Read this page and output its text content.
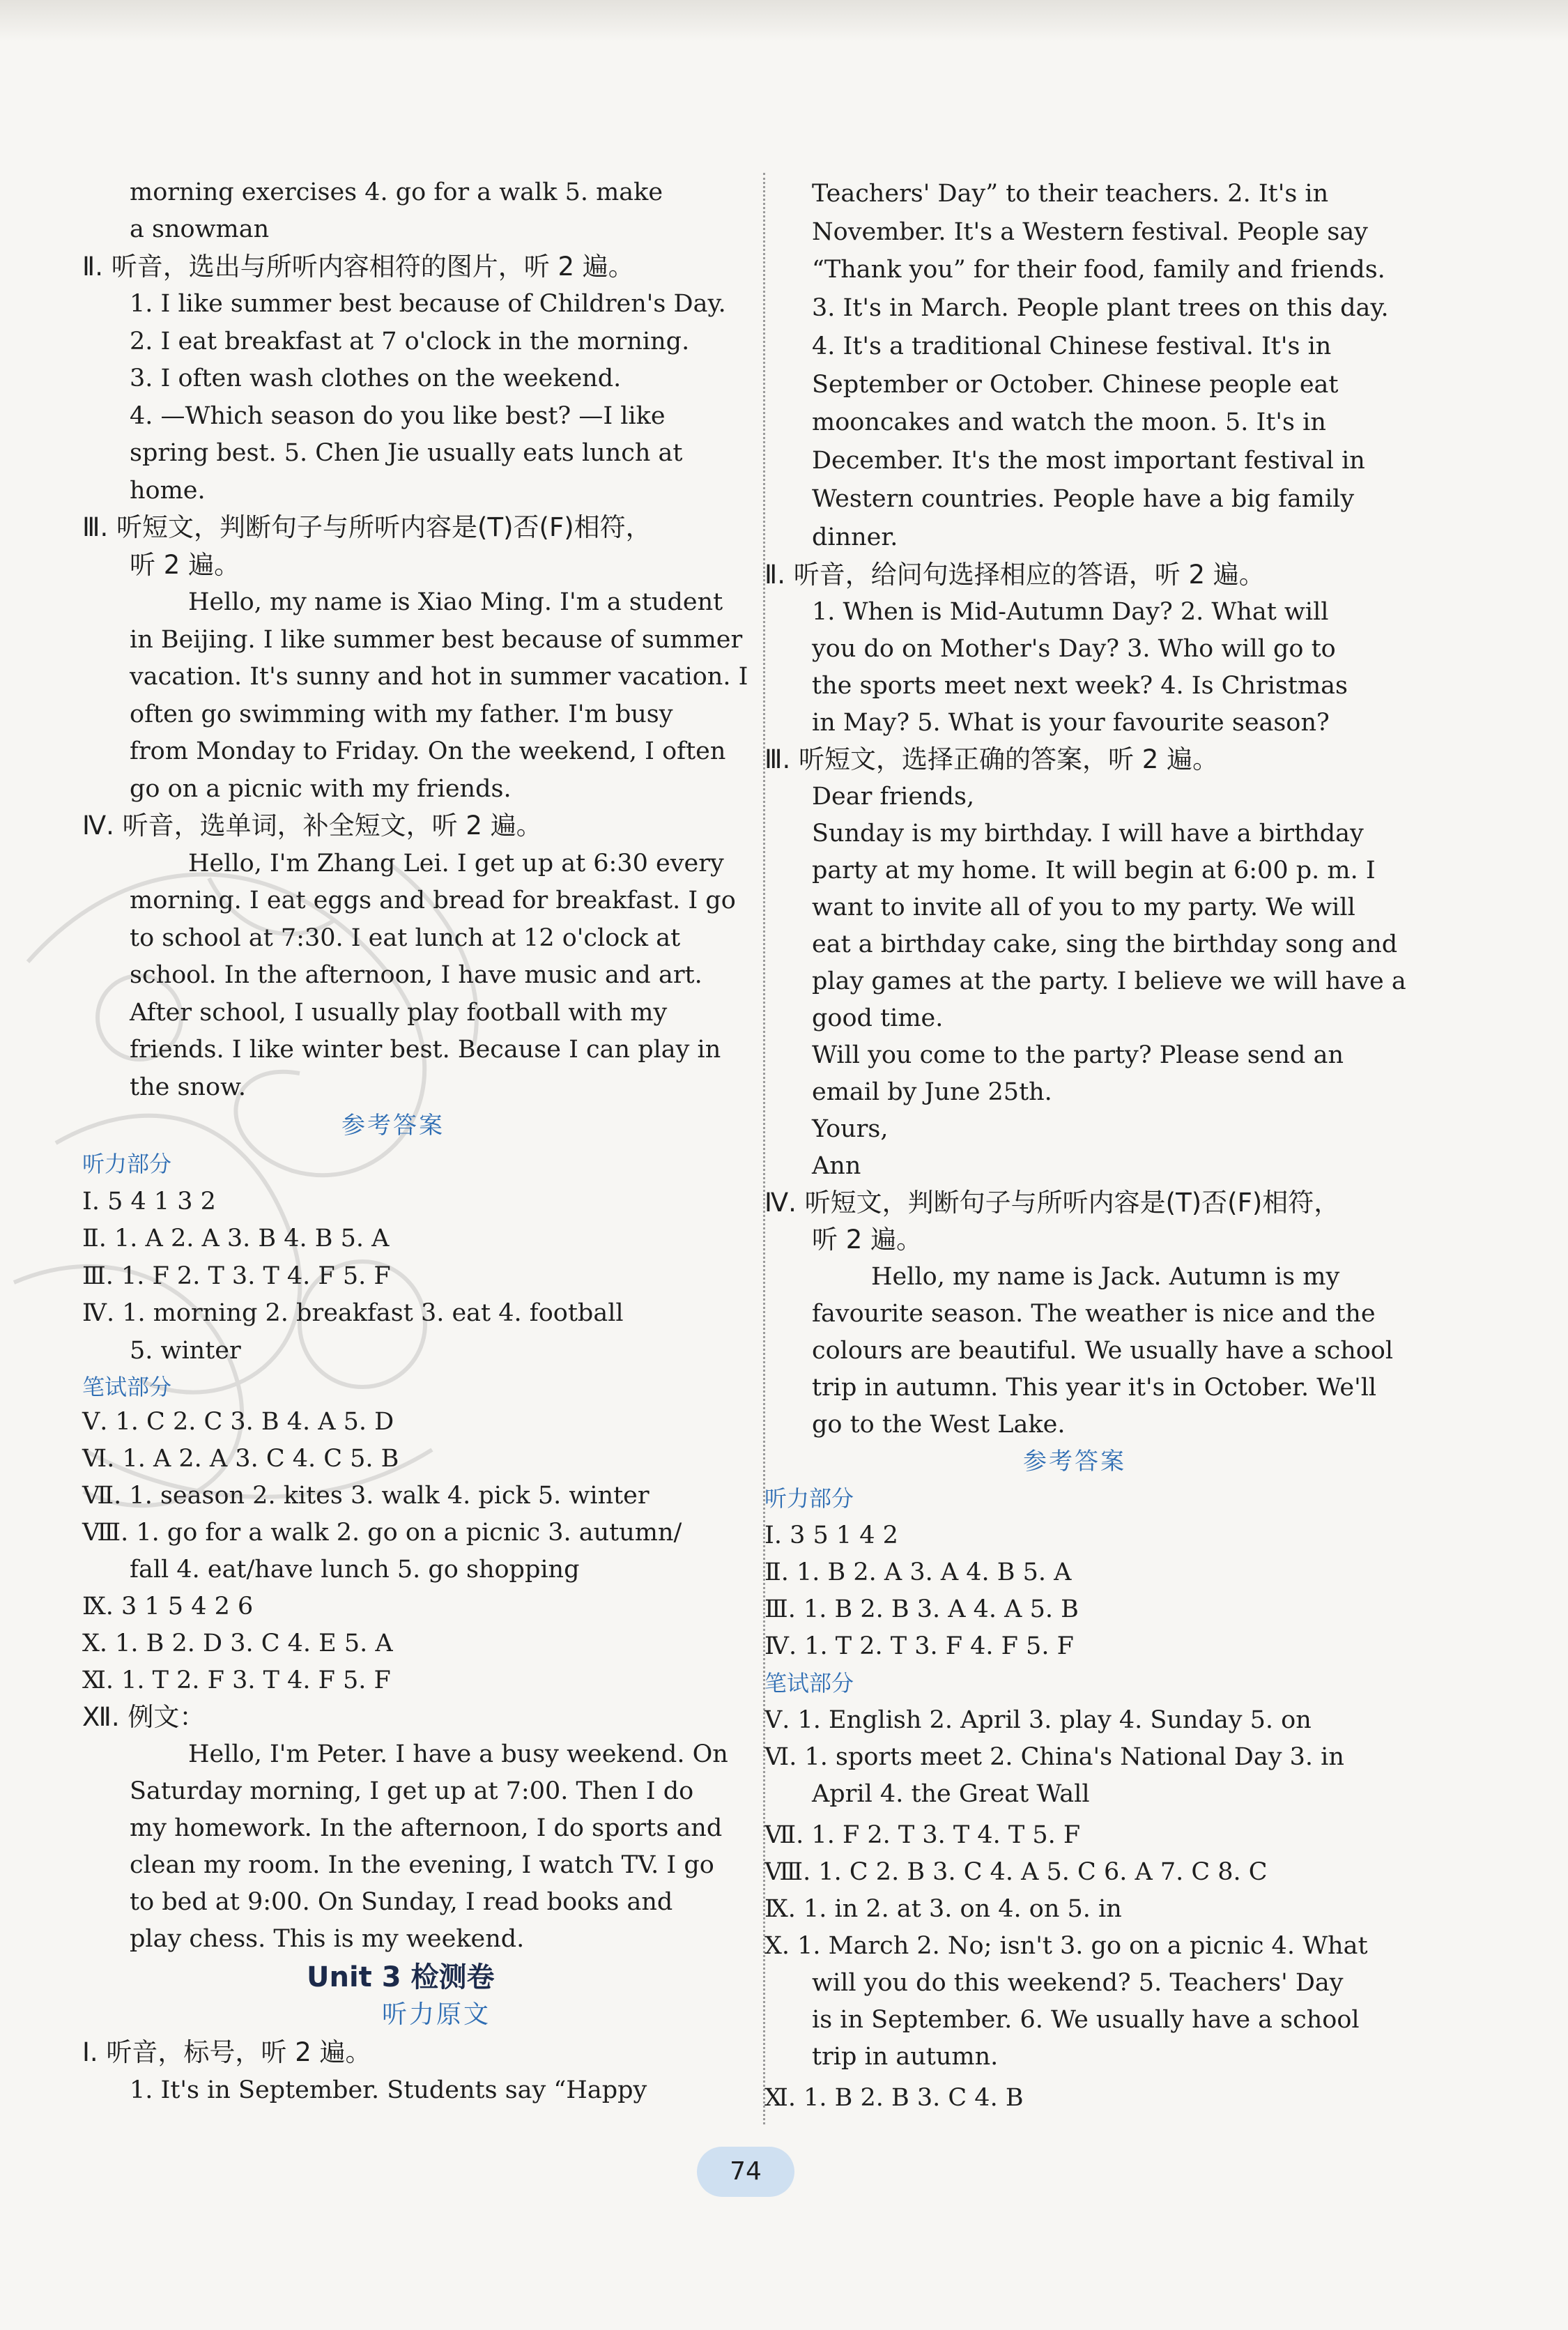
morning exercises 4. go for a walk 5. make
a snowman
Ⅱ. 听音，选出与所听内容相符的图片，听 2 遍。
1. I like summer best because of Children's Day.
2. I eat breakfast at 7 o'clock in the morning.
3. I often wash clothes on the weekend.
4. —Which season do you like best? —I like
spring best. 5. Chen Jie usually eats lunch at
home.
Ⅲ. 听短文，判断句子与所听内容是(T)否(F)相符，
听 2 遍。
Hello, my name is Xiao Ming. I'm a student
in Beijing. I like summer best because of summer
vacation. It's sunny and hot in summer vacation. I
often go swimming with my father. I'm busy
from Monday to Friday. On the weekend, I often
go on a picnic with my friends.
Ⅳ. 听音，选单词，补全短文，听 2 遍。
Hello, I'm Zhang Lei. I get up at 6:30 every
morning. I eat eggs and bread for breakfast. I go
to school at 7:30. I eat lunch at 12 o'clock at
school. In the afternoon, I have music and art.
After school, I usually play football with my
friends. I like winter best. Because I can play in
the snow.
参考答案
听力部分
Ⅰ. 5 4 1 3 2
Ⅱ. 1. A 2. A 3. B 4. B 5. A
Ⅲ. 1. F 2. T 3. T 4. F 5. F
Ⅳ. 1. morning 2. breakfast 3. eat 4. football
5. winter
笔试部分
Ⅴ. 1. C 2. C 3. B 4. A 5. D
Ⅵ. 1. A 2. A 3. C 4. C 5. B
Ⅶ. 1. season 2. kites 3. walk 4. pick 5. winter
Ⅷ. 1. go for a walk 2. go on a picnic 3. autumn/
fall 4. eat/have lunch 5. go shopping
Ⅸ. 3 1 5 4 2 6
Ⅹ. 1. B 2. D 3. C 4. E 5. A
Ⅺ. 1. T 2. F 3. T 4. F 5. F
Ⅻ. 例文：
Hello, I'm Peter. I have a busy weekend. On
Saturday morning, I get up at 7:00. Then I do
my homework. In the afternoon, I do sports and
clean my room. In the evening, I watch TV. I go
to bed at 9:00. On Sunday, I read books and
play chess. This is my weekend.
Unit 3 检测卷
听力原文
Ⅰ. 听音，标号，听 2 遍。
1. It's in September. Students say “Happy
Teachers' Day” to their teachers. 2. It's in
November. It's a Western festival. People say
“Thank you” for their food, family and friends.
3. It's in March. People plant trees on this day.
4. It's a traditional Chinese festival. It's in
September or October. Chinese people eat
mooncakes and watch the moon. 5. It's in
December. It's the most important festival in
Western countries. People have a big family
dinner.
Ⅱ. 听音，给问句选择相应的答语，听 2 遍。
1. When is Mid-Autumn Day? 2. What will
you do on Mother's Day? 3. Who will go to
the sports meet next week? 4. Is Christmas
in May? 5. What is your favourite season?
Ⅲ. 听短文，选择正确的答案，听 2 遍。
Dear friends,
Sunday is my birthday. I will have a birthday
party at my home. It will begin at 6:00 p. m. I
want to invite all of you to my party. We will
eat a birthday cake, sing the birthday song and
play games at the party. I believe we will have a
good time.
Will you come to the party? Please send an
email by June 25th.
Yours,
Ann
Ⅳ. 听短文，判断句子与所听内容是(T)否(F)相符，
听 2 遍。
Hello, my name is Jack. Autumn is my
favourite season. The weather is nice and the
colours are beautiful. We usually have a school
trip in autumn. This year it's in October. We'll
go to the West Lake.
参考答案
听力部分
Ⅰ. 3 5 1 4 2
Ⅱ. 1. B 2. A 3. A 4. B 5. A
Ⅲ. 1. B 2. B 3. A 4. A 5. B
Ⅳ. 1. T 2. T 3. F 4. F 5. F
笔试部分
Ⅴ. 1. English 2. April 3. play 4. Sunday 5. on
Ⅵ. 1. sports meet 2. China's National Day 3. in
April 4. the Great Wall
Ⅶ. 1. F 2. T 3. T 4. T 5. F
Ⅷ. 1. C 2. B 3. C 4. A 5. C 6. A 7. C 8. C
Ⅸ. 1. in 2. at 3. on 4. on 5. in
Ⅹ. 1. March 2. No; isn't 3. go on a picnic 4. What
will you do this weekend? 5. Teachers' Day
is in September. 6. We usually have a school
trip in autumn.
Ⅺ. 1. B 2. B 3. C 4. B
74
